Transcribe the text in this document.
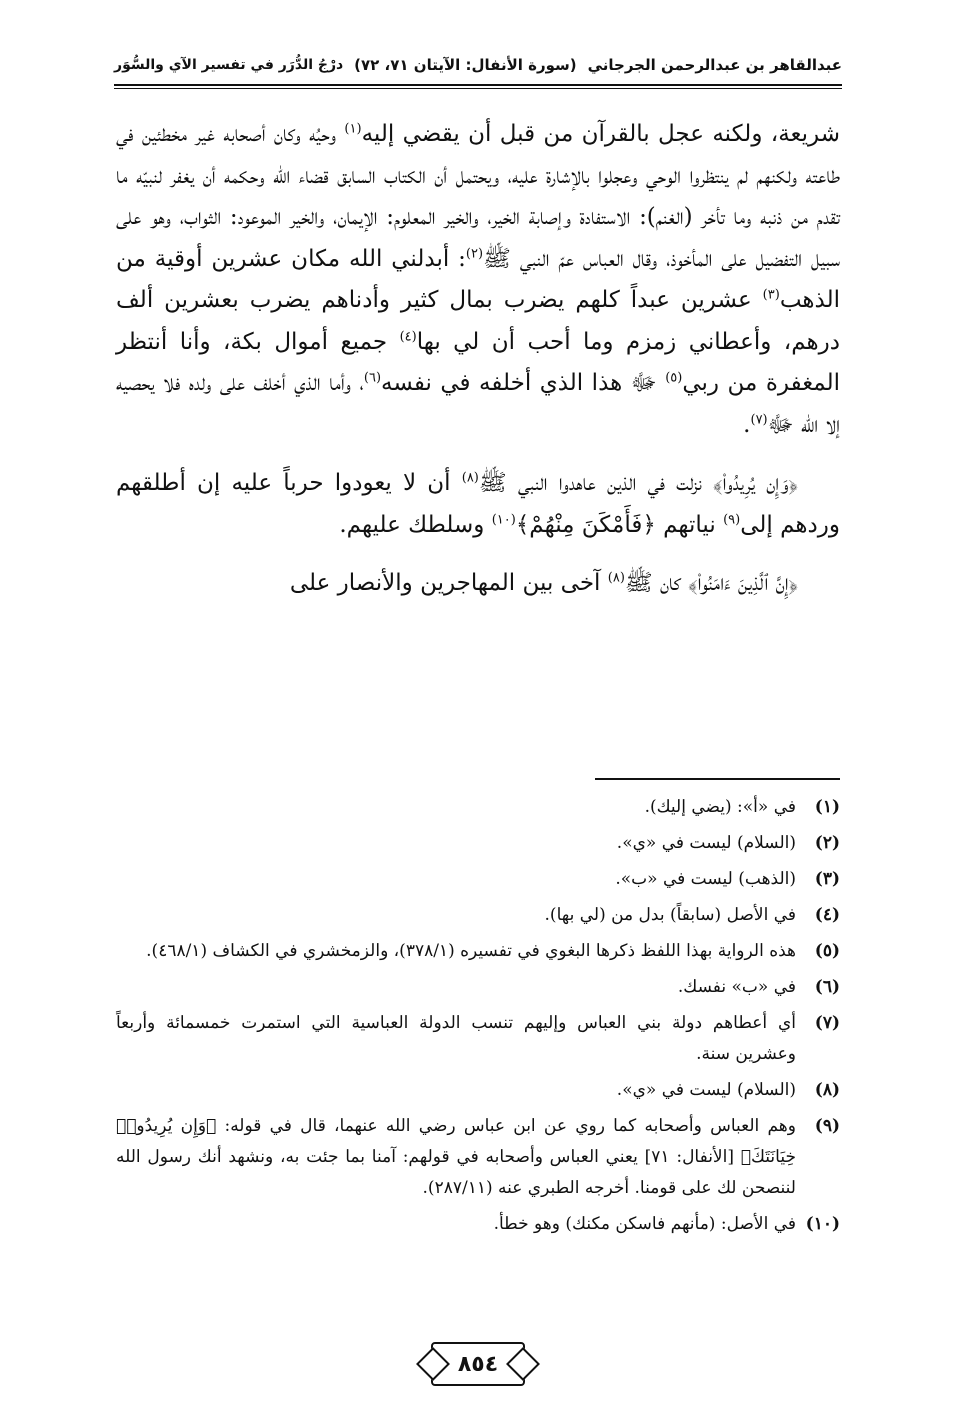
عبدالقاهر بن عبدالرحمن الجرجاني
(سورة الأنفال: الآيتان ٧١، ٧٢)
درْجُ الدُّرَر في تفسير الآي والسُّوَر

شريعة، ولكنه عجل بالقرآن من قبل أن يقضي إليه$^{(١)}$ وحيُه وكان أصحابه غير مخطئين في طاعته ولكنهم لم ينتظروا الوحي وعجلوا بالإشارة عليه، ويحتمل أن الكتاب السابق قضاء الله وحكمه أن يغفر لنبيّه ما تقدم من ذنبه وما تأخر (الغنم): الاستفادة وإصابة الخير، والخير المعلوم: الإيمان، والخير الموعود: الثواب، وهو على سبيل التفضيل على المأخوذ، وقال العباس عمّ النبي ﷺ$^{(٢)}$: أبدلني الله مكان عشرين أوقية من الذهب$^{(٣)}$ عشرين عبداً كلهم يضرب بمال كثير وأدناهم يضرب بعشرين ألف درهم، وأعطاني زمزم وما أحب أن لي بها$^{(٤)}$ جميع أموال بكة، وأنا أنتظر المغفرة من ربي$^{(٥)}$ ﷻ هذا الذي أخلفه في نفسه$^{(٦)}$، وأما الذي أخلف على ولده فلا يحصيه إلا الله ﷻ$^{(٧)}$.

﴿وَإِن يُرِيدُوا۟﴾ نزلت في الذين عاهدوا النبي ﷺ$^{(٨)}$ أن لا يعودوا حرباً عليه إن أطلقهم وردهم إلى$^{(٩)}$ نياتهم ﴿فَأَمْكَنَ مِنْهُمْ﴾$^{(١٠)}$ وسلطك عليهم.

﴿إِنَّ ٱلَّذِينَ ءَامَنُوا۟﴾ كان ﷺ$^{(٨)}$ آخى بين المهاجرين والأنصار على

(١)
في «أ»: (يضي إليك).
(٢)
(السلام) ليست في «ي».
(٣)
(الذهب) ليست في «ب».
(٤)
في الأصل (سابقاً) بدل من (لي بها).
(٥)
هذه الرواية بهذا اللفظ ذكرها البغوي في تفسيره (٣٧٨/١)، والزمخشري في الكشاف (٤٦٨/١).
(٦)
في «ب» نفسك.
(٧)
أي أعطاهم دولة بني العباس وإليهم تنسب الدولة العباسية التي استمرت خمسمائة وأربعاً وعشرين سنة.
(٨)
(السلام) ليست في «ي».
(٩)
وهم العباس وأصحابه كما روي عن ابن عباس رضي الله عنهما، قال في قوله: ﴿وَإِن يُرِيدُوا۟ خِيَانَتَكَ﴾ [الأنفال: ٧١] يعني العباس وأصحابه في قولهم: آمنا بما جئت به، ونشهد أنك رسول الله لننصحن لك على قومنا. أخرجه الطبري عنه (٢٨٧/١١).
(١٠)
في الأصل: (مأنهم فاسكن مكنك) وهو خطأ.
٨٥٤
